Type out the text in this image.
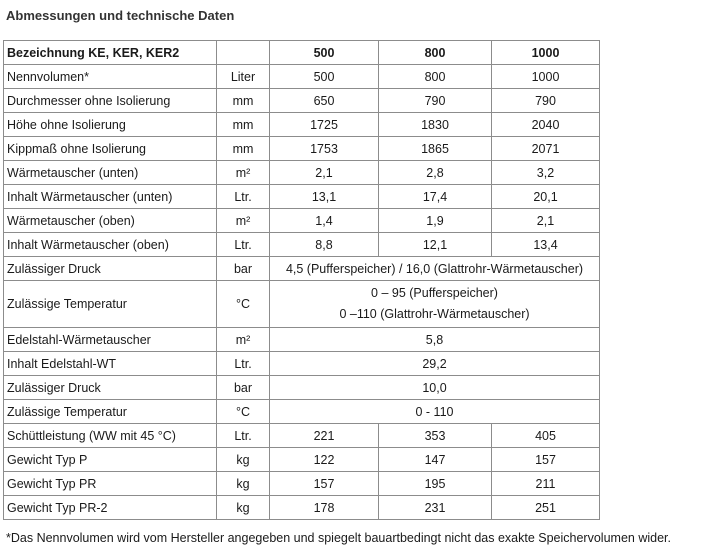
Abmessungen und technische Daten
Bezeichnung KE, KER, KER2		500	800	1000
Nennvolumen*	Liter	500	800	1000
Durchmesser ohne Isolierung	mm	650	790	790
Höhe ohne Isolierung	mm	1725	1830	2040
Kippmaß ohne Isolierung	mm	1753	1865	2071
Wärmetauscher (unten)	m²	2,1	2,8	3,2
Inhalt Wärmetauscher (unten)	Ltr.	13,1	17,4	20,1
Wärmetauscher (oben)	m²	1,4	1,9	2,1
Inhalt Wärmetauscher (oben)	Ltr.	8,8	12,1	13,4
Zulässiger Druck	bar	4,5 (Pufferspeicher) / 16,0 (Glattrohr-Wärmetauscher)		
Zulässige Temperatur	°C	0 – 95 (Pufferspeicher)
0 –110 (Glattrohr-Wärmetauscher)		

Edelstahl-Wärmetauscher	m²	5,8		
Inhalt Edelstahl-WT	Ltr.	29,2		
Zulässiger Druck	bar	10,0		
Zulässige Temperatur	°C	0 - 110		
Schüttleistung (WW mit 45 °C)	Ltr.	221	353	405
Gewicht Typ P	kg	122	147	157
Gewicht Typ PR	kg	157	195	211
Gewicht Typ PR-2	kg	178	231	251
*Das Nennvolumen wird vom Hersteller angegeben und spiegelt bauartbedingt nicht das exakte Speichervolumen wider.
